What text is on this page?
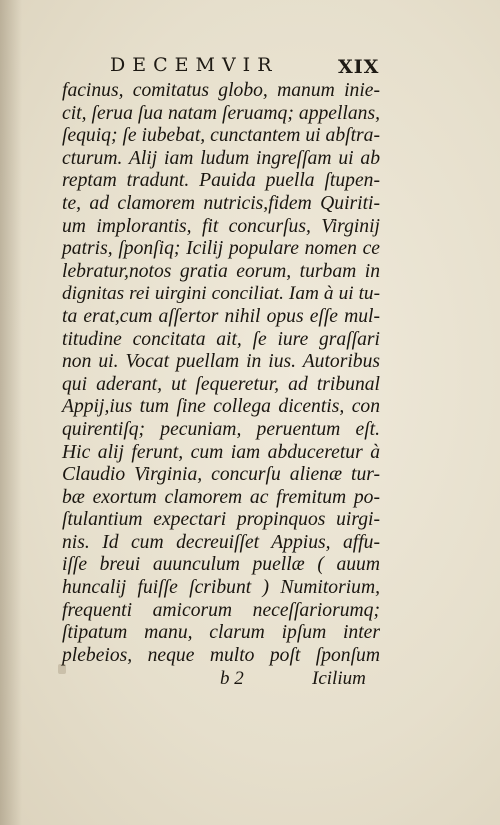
DECEMVIR	XIX
facinus, comitatus globo, manum inie-
cit, ſerua ſua natam ſeruamq; appellans,
ſequiq; ſe iubebat, cunctantem ui abſtra-
cturum. Alij iam ludum ingreſſam ui ab
reptam tradunt. Pauida puella ſtupen-
te, ad clamorem nutricis,fidem Quiriti-
um implorantis, fit concurſus, Virginij
patris, ſponſiq; Icilij populare nomen ce
lebratur,notos gratia eorum, turbam in
dignitas rei uirgini conciliat. Iam à ui tu-
ta erat,cum aſſertor nihil opus eſſe mul-
titudine concitata ait, ſe iure graſſari
non ui. Vocat puellam in ius. Autoribus
qui aderant, ut ſequeretur, ad tribunal
Appij,ius tum ſine collega dicentis, con
quirentiſq; pecuniam, peruentum eſt.
Hic alij ferunt, cum iam abduceretur à
Claudio Virginia, concurſu alienæ tur-
bæ exortum clamorem ac fremitum po-
ſtulantium expectari propinquos uirgi-
nis. Id cum decreuiſſet Appius, affu-
iſſe breui auunculum puellæ ( auum
huncalij fuiſſe ſcribunt ) Numitorium,
frequenti amicorum neceſſariorumq;
ſtipatum manu, clarum ipſum inter
plebeios, neque multo poſt ſponſum
b 2	Icilium
